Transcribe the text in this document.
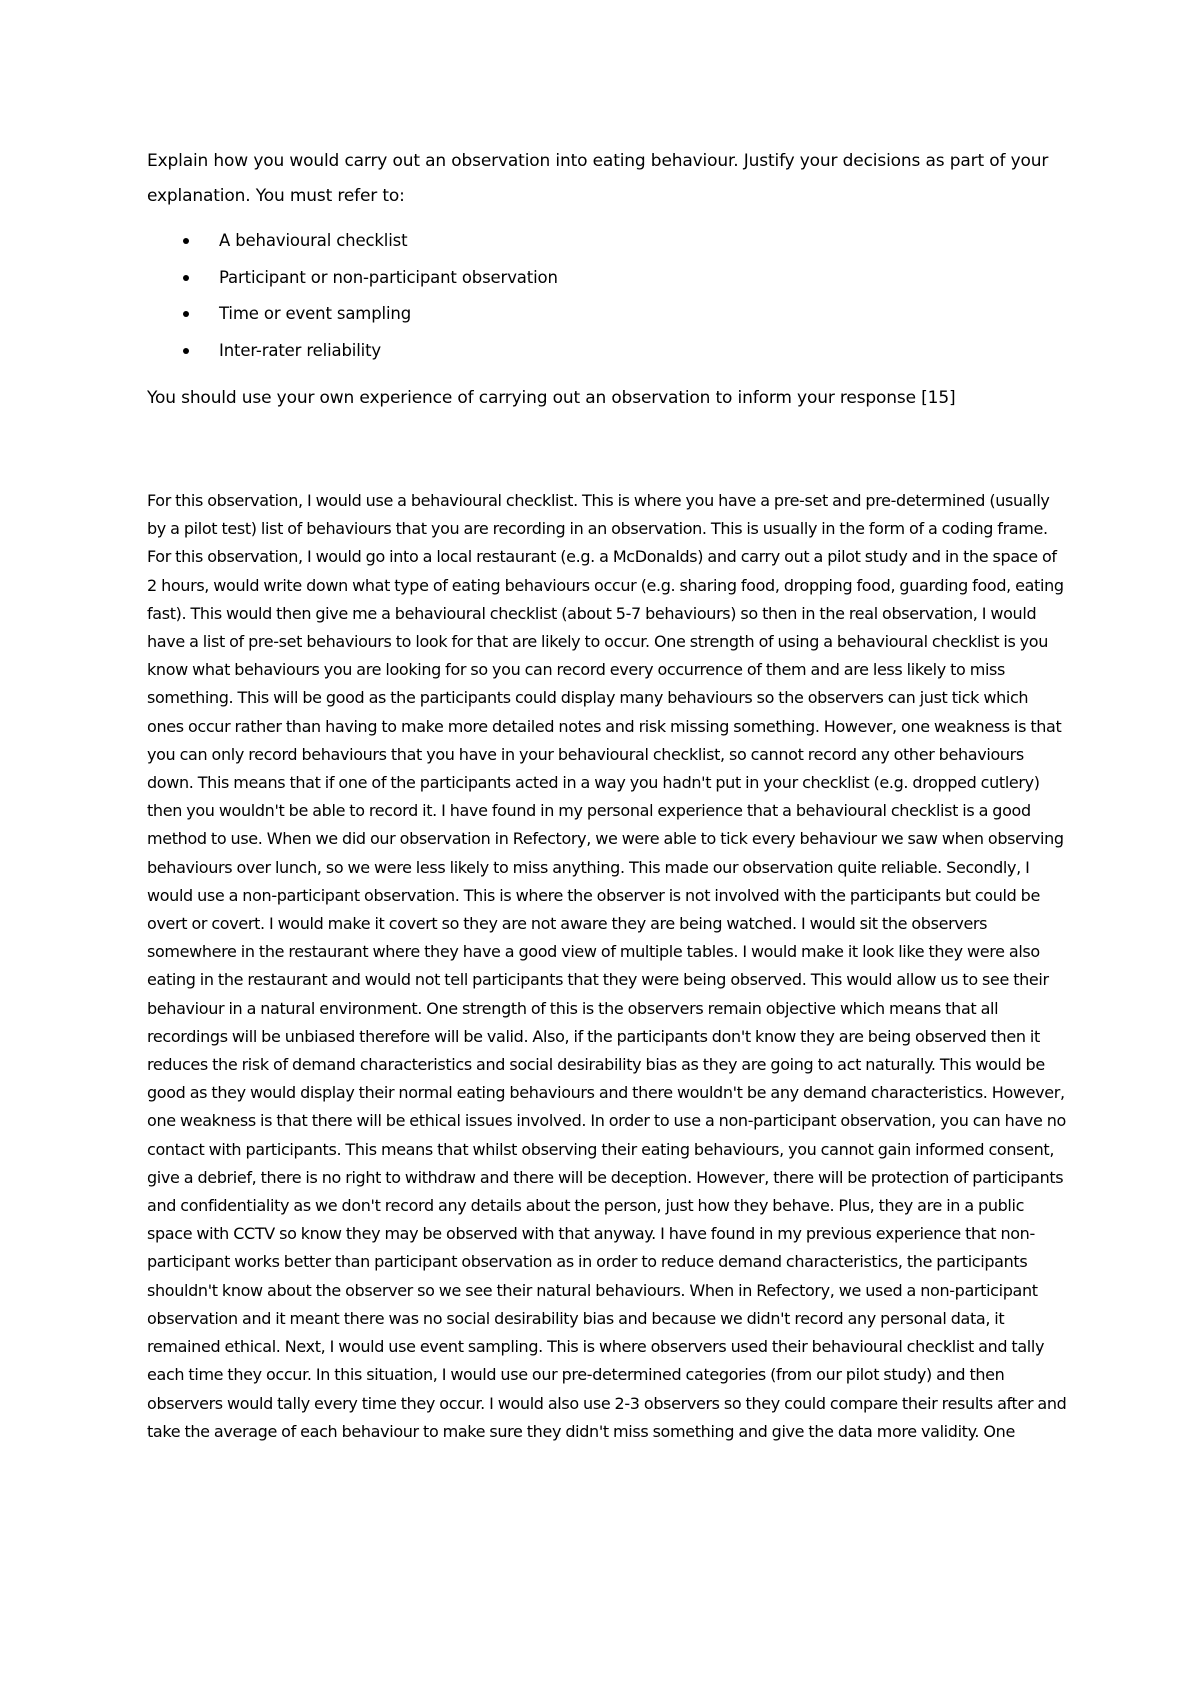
Explain how you would carry out an observation into eating behaviour. Justify your decisions as part of your explanation. You must refer to:

A behavioural checklist
Participant or non-participant observation
Time or event sampling
Inter-rater reliability

You should use your own experience of carrying out an observation to inform your response [15]

For this observation, I would use a behavioural checklist. This is where you have a pre-set and pre-determined (usually by a pilot test) list of behaviours that you are recording in an observation. This is usually in the form of a coding frame. For this observation, I would go into a local restaurant (e.g. a McDonalds) and carry out a pilot study and in the space of 2 hours, would write down what type of eating behaviours occur (e.g. sharing food, dropping food, guarding food, eating fast). This would then give me a behavioural checklist (about 5-7 behaviours) so then in the real observation, I would have a list of pre-set behaviours to look for that are likely to occur. One strength of using a behavioural checklist is you know what behaviours you are looking for so you can record every occurrence of them and are less likely to miss something. This will be good as the participants could display many behaviours so the observers can just tick which ones occur rather than having to make more detailed notes and risk missing something. However, one weakness is that you can only record behaviours that you have in your behavioural checklist, so cannot record any other behaviours down. This means that if one of the participants acted in a way you hadn't put in your checklist (e.g. dropped cutlery) then you wouldn't be able to record it. I have found in my personal experience that a behavioural checklist is a good method to use. When we did our observation in Refectory, we were able to tick every behaviour we saw when observing behaviours over lunch, so we were less likely to miss anything. This made our observation quite reliable. Secondly, I would use a non-participant observation. This is where the observer is not involved with the participants but could be overt or covert. I would make it covert so they are not aware they are being watched. I would sit the observers somewhere in the restaurant where they have a good view of multiple tables. I would make it look like they were also eating in the restaurant and would not tell participants that they were being observed. This would allow us to see their behaviour in a natural environment. One strength of this is the observers remain objective which means that all recordings will be unbiased therefore will be valid. Also, if the participants don't know they are being observed then it reduces the risk of demand characteristics and social desirability bias as they are going to act naturally. This would be good as they would display their normal eating behaviours and there wouldn't be any demand characteristics. However, one weakness is that there will be ethical issues involved. In order to use a non-participant observation, you can have no contact with participants. This means that whilst observing their eating behaviours, you cannot gain informed consent, give a debrief, there is no right to withdraw and there will be deception. However, there will be protection of participants and confidentiality as we don't record any details about the person, just how they behave. Plus, they are in a public space with CCTV so know they may be observed with that anyway. I have found in my previous experience that non-participant works better than participant observation as in order to reduce demand characteristics, the participants shouldn't know about the observer so we see their natural behaviours. When in Refectory, we used a non-participant observation and it meant there was no social desirability bias and because we didn't record any personal data, it remained ethical. Next, I would use event sampling. This is where observers used their behavioural checklist and tally each time they occur. In this situation, I would use our pre-determined categories (from our pilot study) and then observers would tally every time they occur. I would also use 2-3 observers so they could compare their results after and take the average of each behaviour to make sure they didn't miss something and give the data more validity. One
